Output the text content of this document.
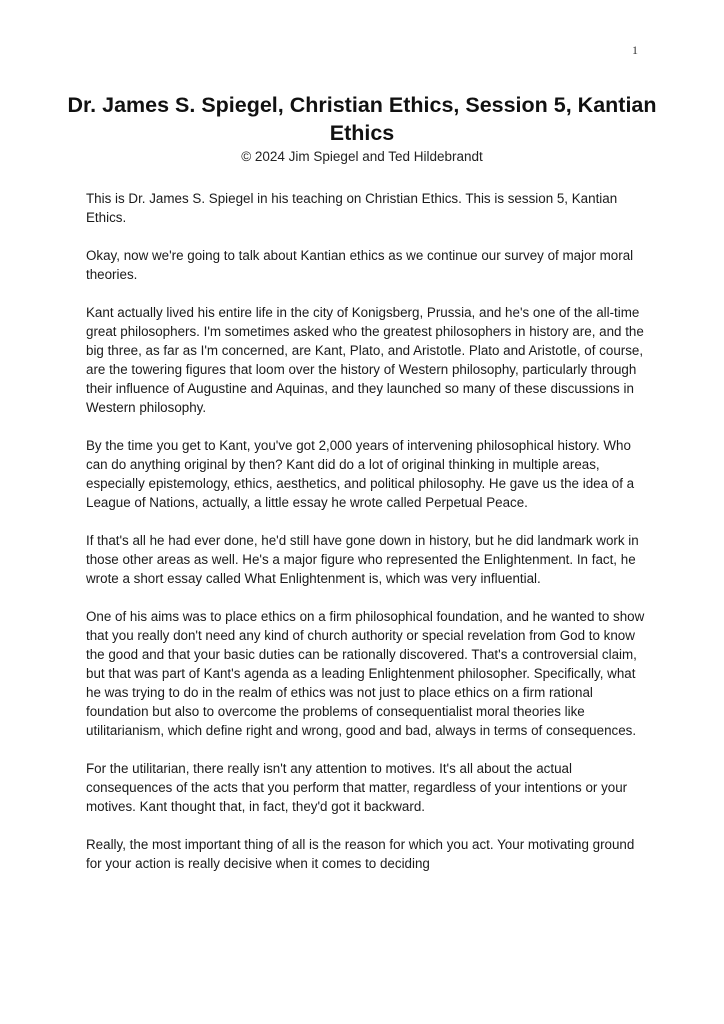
1
Dr. James S. Spiegel, Christian Ethics, Session 5, Kantian Ethics
© 2024 Jim Spiegel and Ted Hildebrandt

This is Dr. James S. Spiegel in his teaching on Christian Ethics. This is session 5, Kantian Ethics.

Okay, now we're going to talk about Kantian ethics as we continue our survey of major moral theories.

Kant actually lived his entire life in the city of Konigsberg, Prussia, and he's one of the all-time great philosophers. I'm sometimes asked who the greatest philosophers in history are, and the big three, as far as I'm concerned, are Kant, Plato, and Aristotle. Plato and Aristotle, of course, are the towering figures that loom over the history of Western philosophy, particularly through their influence of Augustine and Aquinas, and they launched so many of these discussions in Western philosophy.

By the time you get to Kant, you've got 2,000 years of intervening philosophical history. Who can do anything original by then? Kant did do a lot of original thinking in multiple areas, especially epistemology, ethics, aesthetics, and political philosophy. He gave us the idea of a League of Nations, actually, a little essay he wrote called Perpetual Peace.

If that's all he had ever done, he'd still have gone down in history, but he did landmark work in those other areas as well. He's a major figure who represented the Enlightenment. In fact, he wrote a short essay called What Enlightenment is, which was very influential.

One of his aims was to place ethics on a firm philosophical foundation, and he wanted to show that you really don't need any kind of church authority or special revelation from God to know the good and that your basic duties can be rationally discovered. That's a controversial claim, but that was part of Kant's agenda as a leading Enlightenment philosopher. Specifically, what he was trying to do in the realm of ethics was not just to place ethics on a firm rational foundation but also to overcome the problems of consequentialist moral theories like utilitarianism, which define right and wrong, good and bad, always in terms of consequences.

For the utilitarian, there really isn't any attention to motives. It's all about the actual consequences of the acts that you perform that matter, regardless of your intentions or your motives. Kant thought that, in fact, they'd got it backward.

Really, the most important thing of all is the reason for which you act. Your motivating ground for your action is really decisive when it comes to deciding
